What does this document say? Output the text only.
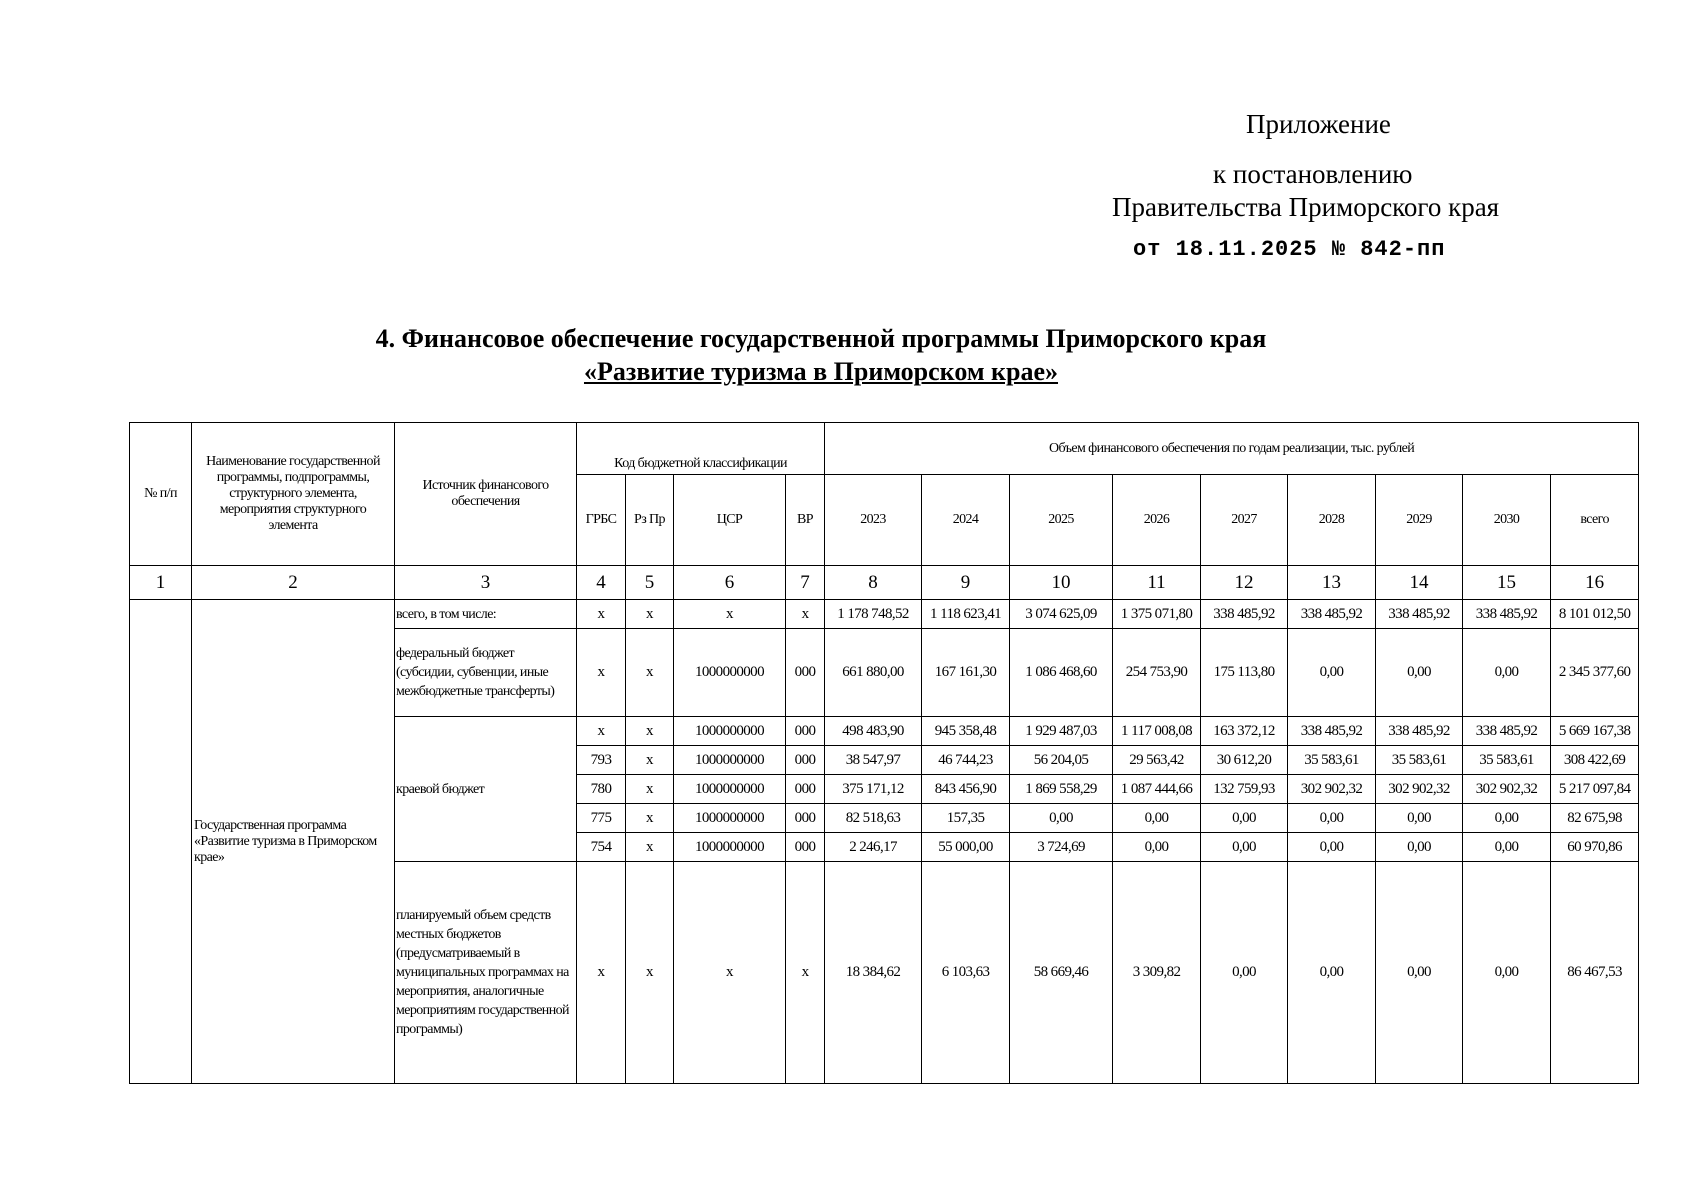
Приложение
к постановлению
Правительства Приморского края
от 18.11.2025 № 842-пп
4. Финансовое обеспечение государственной программы Приморского края
«Развитие туризма в Приморском крае»
№ п/п	Наименование государственной программы, подпрограммы, структурного элемента, мероприятия структурного элемента	Источник финансового обеспечения	Код бюджетной классификации				Объем финансового обеспечения по годам реализации, тыс. рублей								
			ГРБС	Рз Пр	ЦСР	ВР	2023	2024	2025	2026	2027	2028	2029	2030	всего
1	2	3	4	5	6	7	8	9	10	11	12	13	14	15	16
	Государственная программа «Развитие туризма в Приморском крае»	всего, в том числе:	x	x	x	x	1 178 748,52	1 118 623,41	3 074 625,09	1 375 071,80	338 485,92	338 485,92	338 485,92	338 485,92	8 101 012,50
		федеральный бюджет (субсидии, субвенции, иные межбюджетные трансферты)	x	x	1000000000	000	661 880,00	167 161,30	1 086 468,60	254 753,90	175 113,80	0,00	0,00	0,00	2 345 377,60
		краевой бюджет	x	x	1000000000	000	498 483,90	945 358,48	1 929 487,03	1 117 008,08	163 372,12	338 485,92	338 485,92	338 485,92	5 669 167,38
			793	x	1000000000	000	38 547,97	46 744,23	56 204,05	29 563,42	30 612,20	35 583,61	35 583,61	35 583,61	308 422,69
			780	x	1000000000	000	375 171,12	843 456,90	1 869 558,29	1 087 444,66	132 759,93	302 902,32	302 902,32	302 902,32	5 217 097,84
			775	x	1000000000	000	82 518,63	157,35	0,00	0,00	0,00	0,00	0,00	0,00	82 675,98
			754	x	1000000000	000	2 246,17	55 000,00	3 724,69	0,00	0,00	0,00	0,00	0,00	60 970,86
		планируемый объем средств местных бюджетов (предусматриваемый в муниципальных программах на мероприятия, аналогичные мероприятиям государственной программы)	x	x	x	x	18 384,62	6 103,63	58 669,46	3 309,82	0,00	0,00	0,00	0,00	86 467,53
